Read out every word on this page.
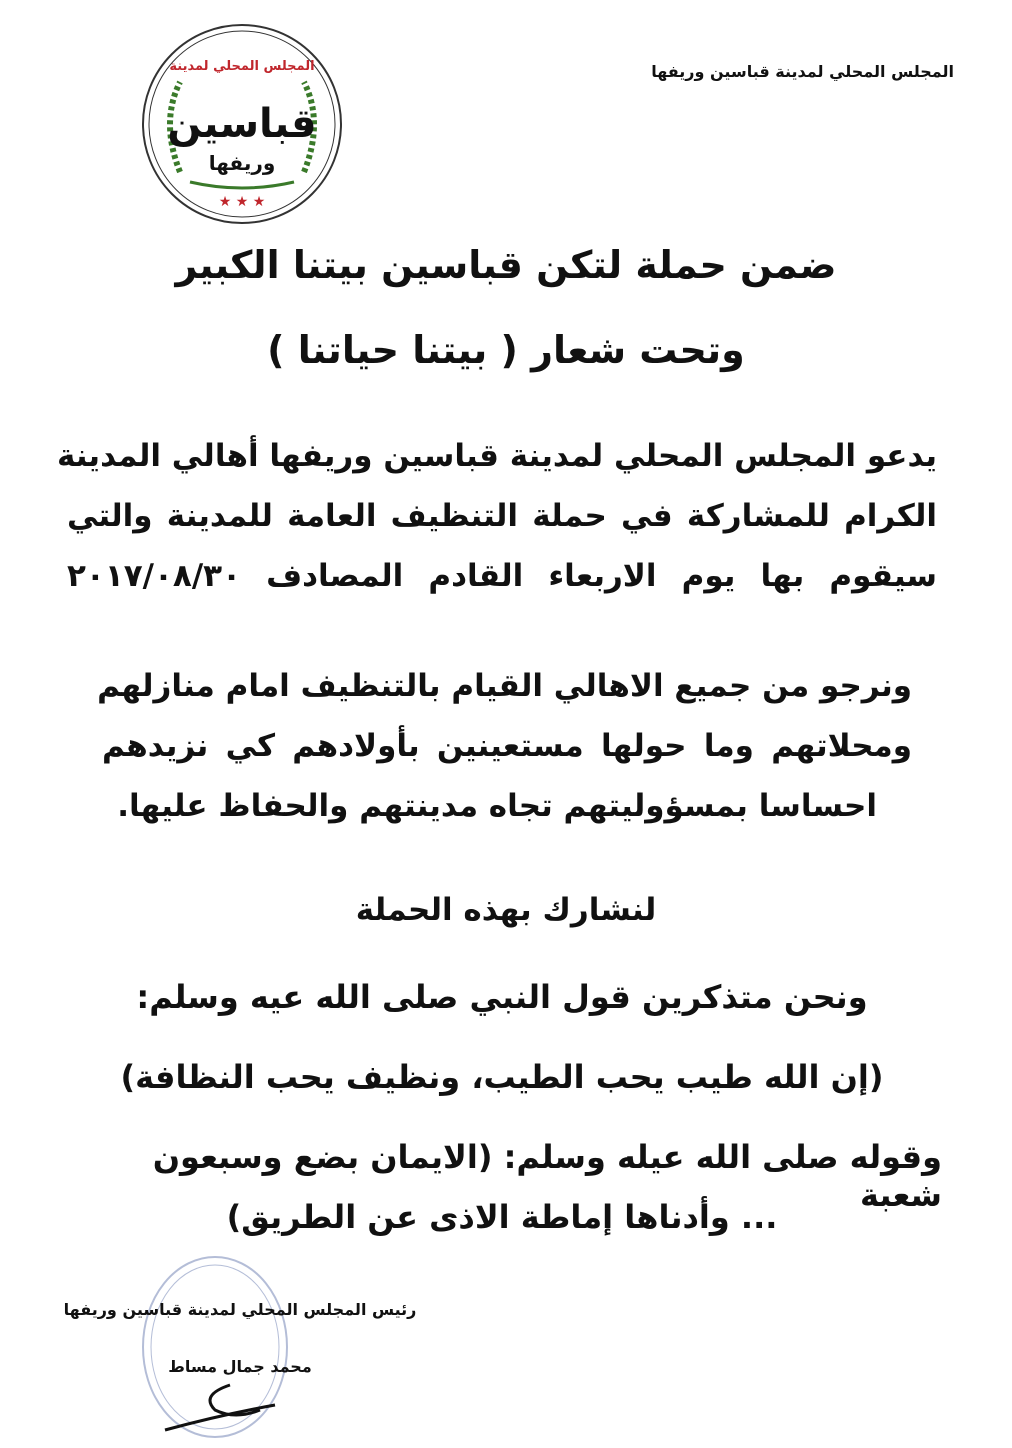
المجلس المحلي لمدينة قباسين وريفها
المجلس المحلي لمدينة
قباسين
وريفها
★ ★ ★
ضمن حملة لتكن قباسين بيتنا الكبير
وتحت شعار ( بيتنا حياتنا )
يدعو المجلس المحلي لمدينة قباسين وريفها أهالي المدينة
الكرام للمشاركة في حملة التنظيف العامة للمدينة والتي
سيقوم بها يوم الاربعاء القادم المصادف ٢٠١٧/٠٨/٣٠
ونرجو من جميع الاهالي القيام بالتنظيف امام منازلهم
ومحلاتهم وما حولها مستعينين بأولادهم كي نزيدهم
احساسا بمسؤوليتهم تجاه مدينتهم والحفاظ عليها.
لنشارك بهذه الحملة
ونحن متذكرين قول النبي صلى الله عيه وسلم:
(إن الله طيب يحب الطيب، ونظيف يحب النظافة)
وقوله صلى الله عيله وسلم: (الايمان بضع وسبعون شعبة
... وأدناها إماطة الاذى عن الطريق)
رئيس المجلس المحلي لمدينة قباسين وريفها
محمد جمال مساط
